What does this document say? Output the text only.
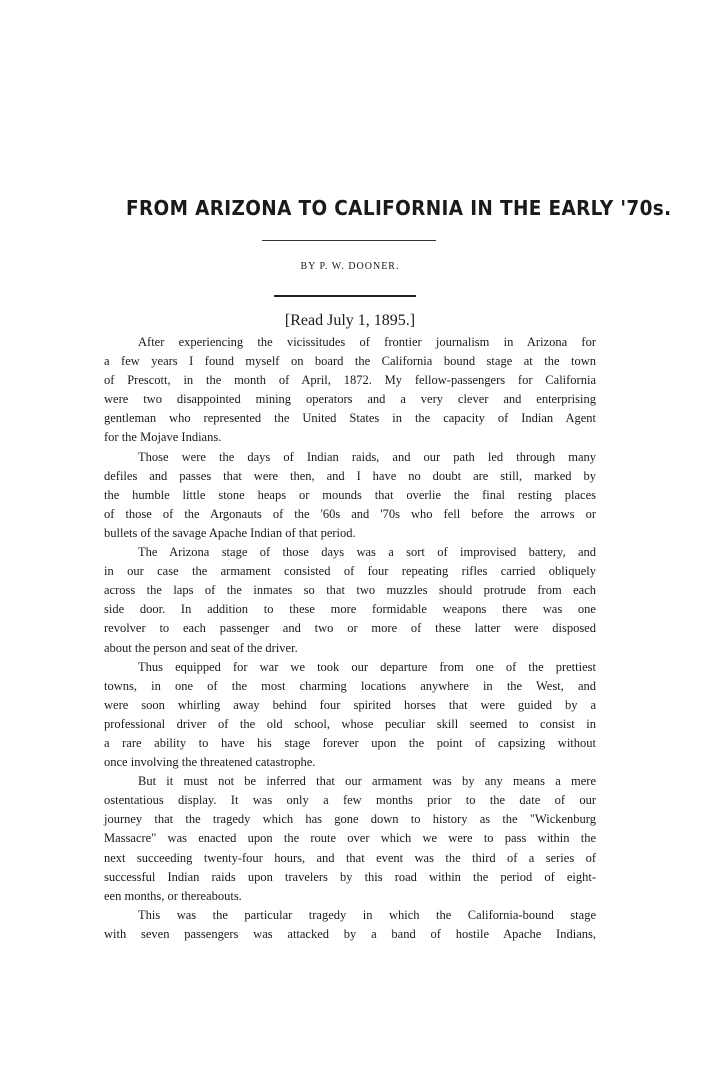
FROM ARIZONA TO CALIFORNIA IN THE EARLY '70s.
BY P. W. DOONER.
[Read July 1, 1895.]
After experiencing the vicissitudes of frontier journalism in Arizona for
a few years I found myself on board the California bound stage at the town
of Prescott, in the month of April, 1872. My fellow-passengers for California
were two disappointed mining operators and a very clever and enterprising
gentleman who represented the United States in the capacity of Indian Agent
for the Mojave Indians.
Those were the days of Indian raids, and our path led through many
defiles and passes that were then, and I have no doubt are still, marked by
the humble little stone heaps or mounds that overlie the final resting places
of those of the Argonauts of the '60s and '70s who fell before the arrows or
bullets of the savage Apache Indian of that period.
The Arizona stage of those days was a sort of improvised battery, and
in our case the armament consisted of four repeating rifles carried obliquely
across the laps of the inmates so that two muzzles should protrude from each
side door. In addition to these more formidable weapons there was one
revolver to each passenger and two or more of these latter were disposed
about the person and seat of the driver.
Thus equipped for war we took our departure from one of the prettiest
towns, in one of the most charming locations anywhere in the West, and
were soon whirling away behind four spirited horses that were guided by a
professional driver of the old school, whose peculiar skill seemed to consist in
a rare ability to have his stage forever upon the point of capsizing without
once involving the threatened catastrophe.
But it must not be inferred that our armament was by any means a mere
ostentatious display. It was only a few months prior to the date of our
journey that the tragedy which has gone down to history as the "Wickenburg
Massacre" was enacted upon the route over which we were to pass within the
next succeeding twenty-four hours, and that event was the third of a series of
successful Indian raids upon travelers by this road within the period of eight-
een months, or thereabouts.
This was the particular tragedy in which the California-bound stage
with seven passengers was attacked by a band of hostile Apache Indians,
